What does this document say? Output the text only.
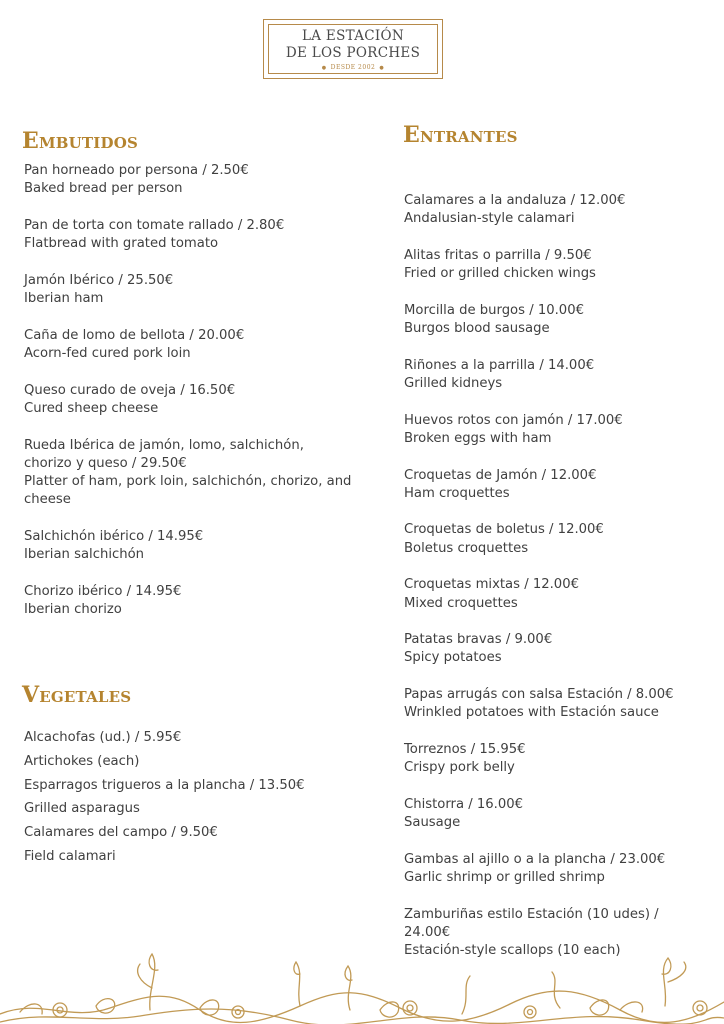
LA ESTACIÓN
DE LOS PORCHES
● DESDE 2002 ●
Embutidos
Pan horneado por persona / 2.50€
Baked bread per person
Pan de torta con tomate rallado / 2.80€
Flatbread with grated tomato
Jamón Ibérico / 25.50€
Iberian ham
Caña de lomo de bellota / 20.00€
Acorn-fed cured pork loin
Queso curado de oveja / 16.50€
Cured sheep cheese
Rueda Ibérica de jamón, lomo, salchichón, chorizo y queso / 29.50€
Platter of ham, pork loin, salchichón, chorizo, and cheese
Salchichón ibérico / 14.95€
Iberian salchichón
Chorizo ibérico / 14.95€
Iberian chorizo
Vegetales
Alcachofas (ud.) / 5.95€
Artichokes (each)
Esparragos trigueros a la plancha / 13.50€
Grilled asparagus
Calamares del campo / 9.50€
Field calamari
Entrantes
Calamares a la andaluza / 12.00€
Andalusian-style calamari
Alitas fritas o parrilla / 9.50€
Fried or grilled chicken wings
Morcilla de burgos / 10.00€
Burgos blood sausage
Riñones a la parrilla / 14.00€
Grilled kidneys
Huevos rotos con jamón / 17.00€
Broken eggs with ham
Croquetas de Jamón / 12.00€
Ham croquettes
Croquetas de boletus / 12.00€
Boletus croquettes
Croquetas mixtas / 12.00€
Mixed croquettes
Patatas bravas / 9.00€
Spicy potatoes
Papas arrugás con salsa Estación / 8.00€
Wrinkled potatoes with Estación sauce
Torreznos / 15.95€
Crispy pork belly
Chistorra / 16.00€
Sausage
Gambas al ajillo o a la plancha / 23.00€
Garlic shrimp or grilled shrimp
Zamburiñas estilo Estación (10 udes) / 24.00€
Estación-style scallops (10 each)
